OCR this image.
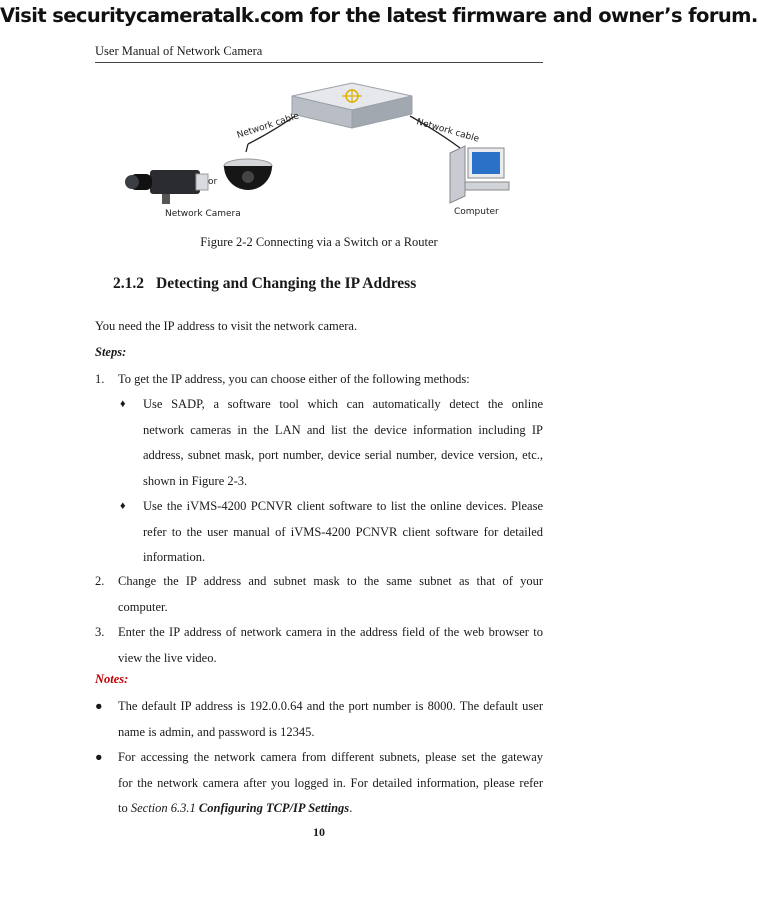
Visit securitycameratalk.com for the latest firmware and owner’s forum.
User Manual of Network Camera
Network cable	Network cable
or
Network Camera	Computer
Figure 2-2 Connecting via a Switch or a Router
2.1.2 Detecting and Changing the IP Address
You need the IP address to visit the network camera.
Steps:
1. To get the IP address, you can choose either of the following methods:
♦ Use SADP, a software tool which can automatically detect the online
network cameras in the LAN and list the device information including IP
address, subnet mask, port number, device serial number, device version, etc.,
shown in Figure 2-3.
♦ Use the iVMS-4200 PCNVR client software to list the online devices. Please
refer to the user manual of iVMS-4200 PCNVR client software for detailed
information.
2. Change the IP address and subnet mask to the same subnet as that of your
computer.
3. Enter the IP address of network camera in the address field of the web browser to
view the live video.
Notes:
● The default IP address is 192.0.0.64 and the port number is 8000. The default user
name is admin, and password is 12345.
● For accessing the network camera from different subnets, please set the gateway
for the network camera after you logged in. For detailed information, please refer
to Section 6.3.1 Configuring TCP/IP Settings.
10
